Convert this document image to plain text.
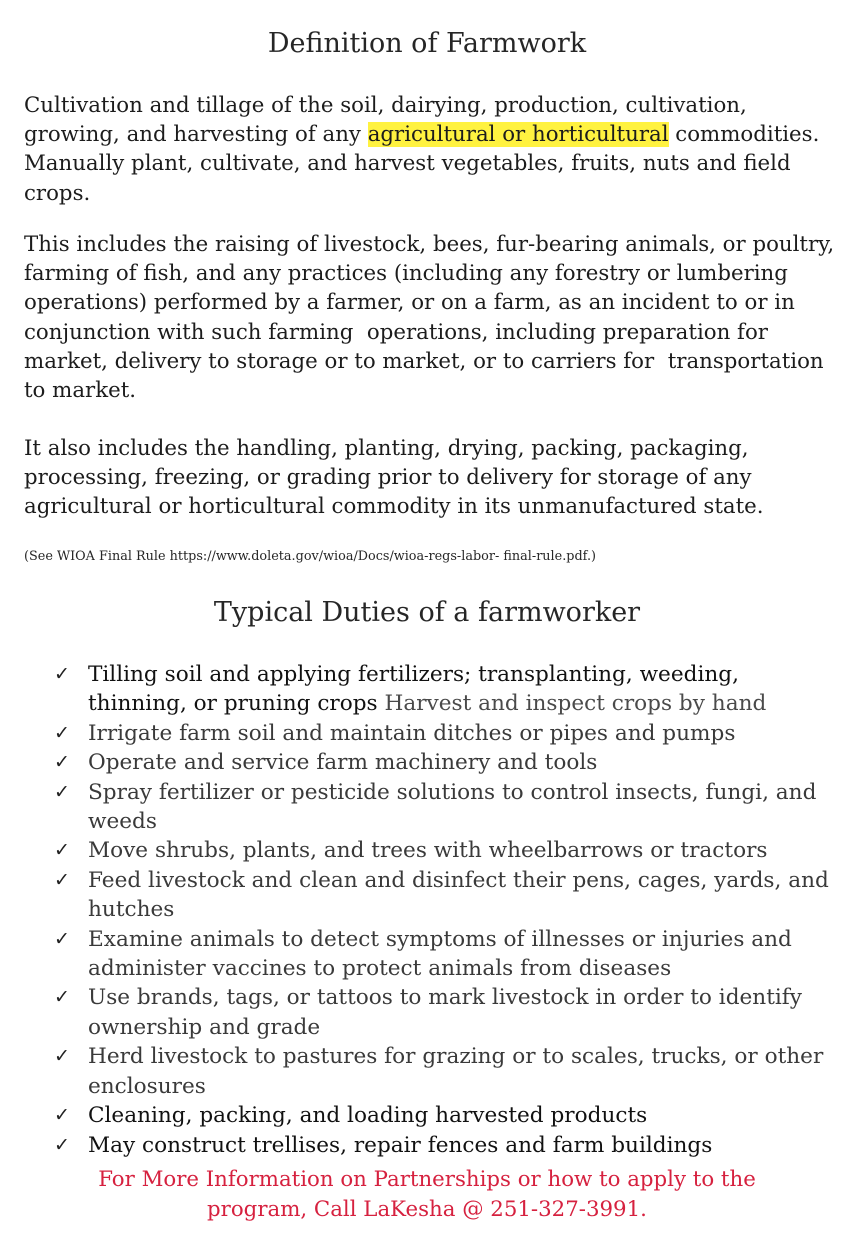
Definition of Farmwork

Cultivation and tillage of the soil, dairying, production, cultivation, growing, and harvesting of any agricultural or horticultural commodities. Manually plant, cultivate, and harvest vegetables, fruits, nuts and field crops.

This includes the raising of livestock, bees, fur-bearing animals, or poultry, farming of fish, and any practices (including any forestry or lumbering      operations) performed by a farmer, or on a farm, as an incident to or in conjunction with such farming  operations, including preparation for market, delivery to storage or to market, or to carriers for  transportation to market.

It also includes the handling, planting, drying, packing, packaging, processing, freezing, or grading prior to delivery for storage of any agricultural or horticultural commodity in its unmanufactured state.

(See WIOA Final Rule https://www.doleta.gov/wioa/Docs/wioa-regs-labor- final-rule.pdf.)

Typical Duties of a farmworker
✓ Tilling soil and applying fertilizers; transplanting, weeding, thinning, or pruning crops Harvest and inspect crops by hand
✓ Irrigate farm soil and maintain ditches or pipes and pumps
✓ Operate and service farm machinery and tools
✓ Spray fertilizer or pesticide solutions to control insects, fungi, and weeds
✓ Move shrubs, plants, and trees with wheelbarrows or tractors
✓ Feed livestock and clean and disinfect their pens, cages, yards, and hutches
✓ Examine animals to detect symptoms of illnesses or injuries and administer vaccines to protect animals from diseases
✓ Use brands, tags, or tattoos to mark livestock in order to identify ownership and grade
✓ Herd livestock to pastures for grazing or to scales, trucks, or other enclosures
✓ Cleaning, packing, and loading harvested products
✓ May construct trellises, repair fences and farm buildings

For More Information on Partnerships or how to apply to the
program, Call LaKesha @ 251-327-3991.
